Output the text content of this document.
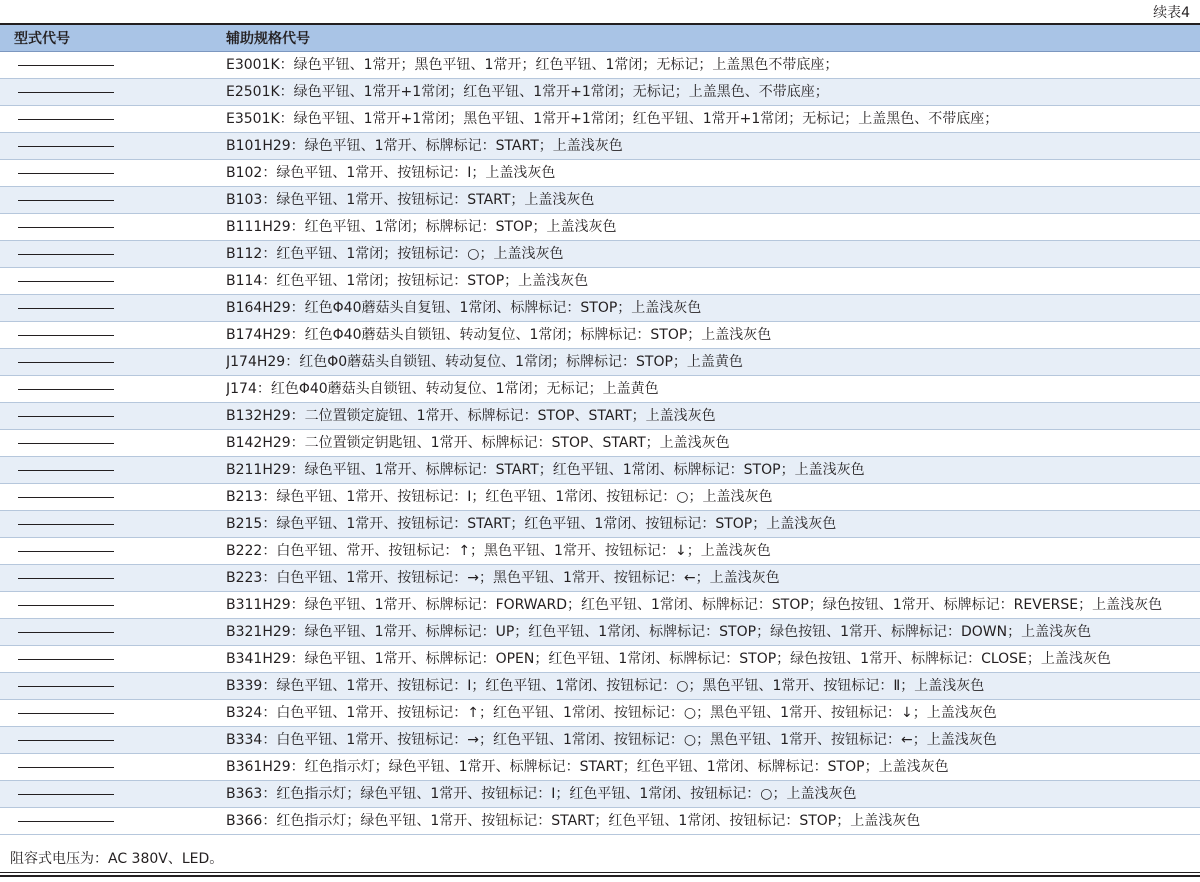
续表4
型式代号	辅助规格代号
	E3001K：绿色平钮、1常开；黑色平钮、1常开；红色平钮、1常闭；无标记；上盖黑色不带底座；
	E2501K：绿色平钮、1常开+1常闭；红色平钮、1常开+1常闭；无标记；上盖黑色、不带底座；
	E3501K：绿色平钮、1常开+1常闭；黑色平钮、1常开+1常闭；红色平钮、1常开+1常闭；无标记；上盖黑色、不带底座；
	B101H29：绿色平钮、1常开、标牌标记：START；上盖浅灰色
	B102：绿色平钮、1常开、按钮标记：I；上盖浅灰色
	B103：绿色平钮、1常开、按钮标记：START；上盖浅灰色
	B111H29：红色平钮、1常闭；标牌标记：STOP；上盖浅灰色
	B112：红色平钮、1常闭；按钮标记：○；上盖浅灰色
	B114：红色平钮、1常闭；按钮标记：STOP；上盖浅灰色
	B164H29：红色Φ40蘑菇头自复钮、1常闭、标牌标记：STOP；上盖浅灰色
	B174H29：红色Φ40蘑菇头自锁钮、转动复位、1常闭；标牌标记：STOP；上盖浅灰色
	J174H29：红色Φ0蘑菇头自锁钮、转动复位、1常闭；标牌标记：STOP；上盖黄色
	J174：红色Φ40蘑菇头自锁钮、转动复位、1常闭；无标记；上盖黄色
	B132H29：二位置锁定旋钮、1常开、标牌标记：STOP、START；上盖浅灰色
	B142H29：二位置锁定钥匙钮、1常开、标牌标记：STOP、START；上盖浅灰色
	B211H29：绿色平钮、1常开、标牌标记：START；红色平钮、1常闭、标牌标记：STOP；上盖浅灰色
	B213：绿色平钮、1常开、按钮标记：I；红色平钮、1常闭、按钮标记：○；上盖浅灰色
	B215：绿色平钮、1常开、按钮标记：START；红色平钮、1常闭、按钮标记：STOP；上盖浅灰色
	B222：白色平钮、常开、按钮标记：↑；黑色平钮、1常开、按钮标记：↓；上盖浅灰色
	B223：白色平钮、1常开、按钮标记：→；黑色平钮、1常开、按钮标记：←；上盖浅灰色
	B311H29：绿色平钮、1常开、标牌标记：FORWARD；红色平钮、1常闭、标牌标记：STOP；绿色按钮、1常开、标牌标记：REVERSE；上盖浅灰色
	B321H29：绿色平钮、1常开、标牌标记：UP；红色平钮、1常闭、标牌标记：STOP；绿色按钮、1常开、标牌标记：DOWN；上盖浅灰色
	B341H29：绿色平钮、1常开、标牌标记：OPEN；红色平钮、1常闭、标牌标记：STOP；绿色按钮、1常开、标牌标记：CLOSE；上盖浅灰色
	B339：绿色平钮、1常开、按钮标记：I；红色平钮、1常闭、按钮标记：○；黑色平钮、1常开、按钮标记：Ⅱ；上盖浅灰色
	B324：白色平钮、1常开、按钮标记：↑；红色平钮、1常闭、按钮标记：○；黑色平钮、1常开、按钮标记：↓；上盖浅灰色
	B334：白色平钮、1常开、按钮标记：→；红色平钮、1常闭、按钮标记：○；黑色平钮、1常开、按钮标记：←；上盖浅灰色
	B361H29：红色指示灯；绿色平钮、1常开、标牌标记：START；红色平钮、1常闭、标牌标记：STOP；上盖浅灰色
	B363：红色指示灯；绿色平钮、1常开、按钮标记：I；红色平钮、1常闭、按钮标记：○；上盖浅灰色
	B366：红色指示灯；绿色平钮、1常开、按钮标记：START；红色平钮、1常闭、按钮标记：STOP；上盖浅灰色
阻容式电压为：AC 380V、LED。
